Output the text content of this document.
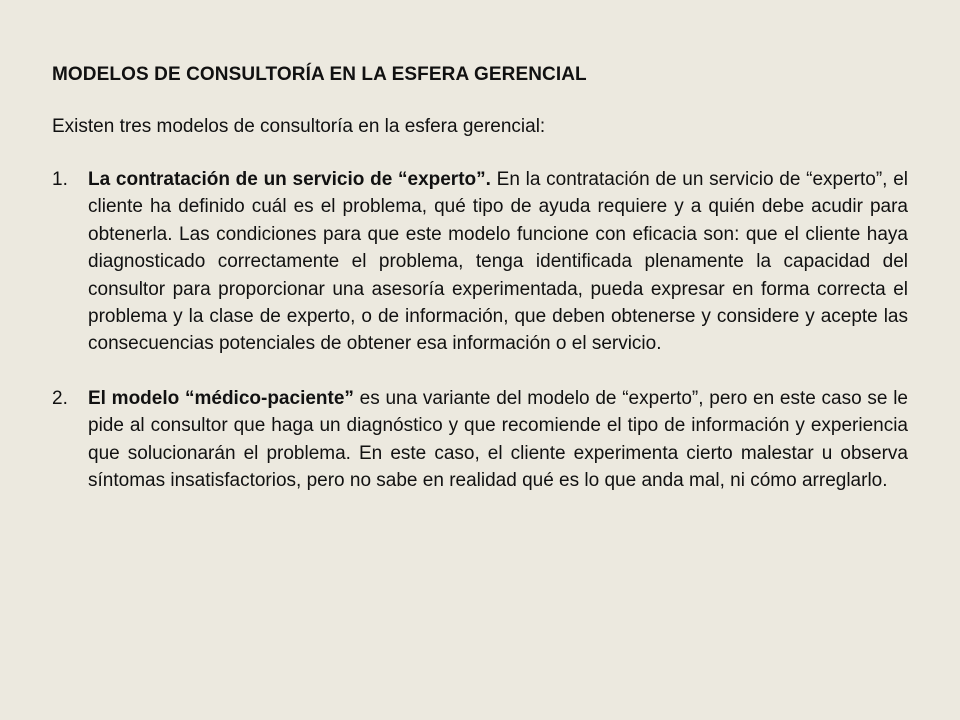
MODELOS DE CONSULTORÍA EN LA ESFERA GERENCIAL

Existen tres modelos de consultoría en la esfera gerencial:

1. La contratación de un servicio de “experto”. En la contratación de un servicio de “experto”, el cliente ha definido cuál es el problema, qué tipo de ayuda requiere y a quién debe acudir para obtenerla. Las condiciones para que este modelo funcione con eficacia son: que el cliente haya diagnosticado correctamente el problema, tenga identificada plenamente la capacidad del consultor para proporcionar una asesoría experimentada, pueda expresar en forma correcta el problema y la clase de experto, o de información, que deben obtenerse y considere y acepte las consecuencias potenciales de obtener esa información o el servicio.
2. El modelo “médico-paciente” es una variante del modelo de “experto”, pero en este caso se le pide al consultor que haga un diagnóstico y que recomiende el tipo de información y experiencia que solucionarán el problema. En este caso, el cliente experimenta cierto malestar u observa síntomas insatisfactorios, pero no sabe en realidad qué es lo que anda mal, ni cómo arreglarlo.
